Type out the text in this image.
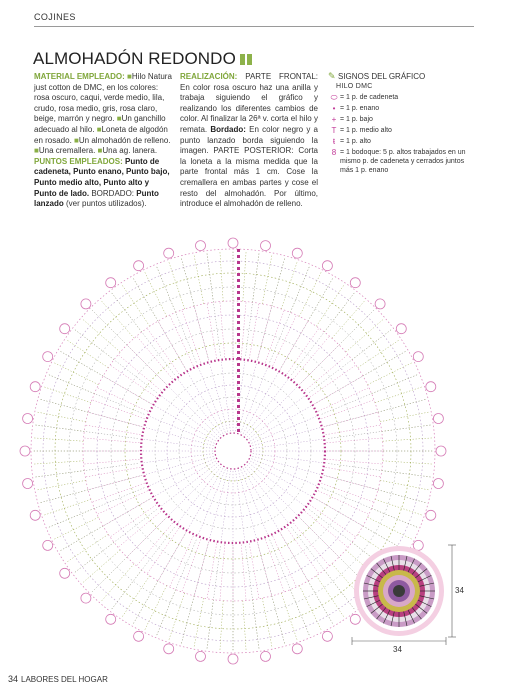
COJINES
ALMOHADÓN REDONDO
MATERIAL EMPLEADO: ■Hilo Natura just cotton de DMC, en los colores: rosa oscuro, caqui, verde medio, lila, crudo, rosa medio, gris, rosa claro, beige, marrón y negro. ■Un ganchillo adecuado al hilo. ■Loneta de algodón en rosado. ■Un almohadón de relleno. ■Una cremallera. ■Una ag. lanera. PUNTOS EMPLEADOS: Punto de cadeneta, Punto enano, Punto bajo, Punto medio alto, Punto alto y Punto de lado. BORDADO: Punto lanzado (ver puntos utilizados).
REALIZACIÓN: PARTE FRONTAL: En color rosa oscuro haz una anilla y trabaja siguiendo el gráfico y realizando los diferentes cambios de color. Al finalizar la 26ª v. corta el hilo y remata. Bordado: En color negro y a punto lanzado borda siguiendo la imagen. PARTE POSTERIOR: Corta la loneta a la misma medida que la parte frontal más 1 cm. Cose la cremallera en ambas partes y cose el resto del almohadón. Por último, introduce el almohadón de relleno.
✎ SIGNOS DEL GRÁFICO
HILO DMC
⬭ = 1 p. de cadeneta
• = 1 p. enano
+ = 1 p. bajo
T = 1 p. medio alto
ŧ = 1 p. alto
8 = 1 bodoque: 5 p. altos trabajados en un mismo p. de cadeneta y cerrados juntos más 1 p. enano
34
34
34 LABORES DEL HOGAR
